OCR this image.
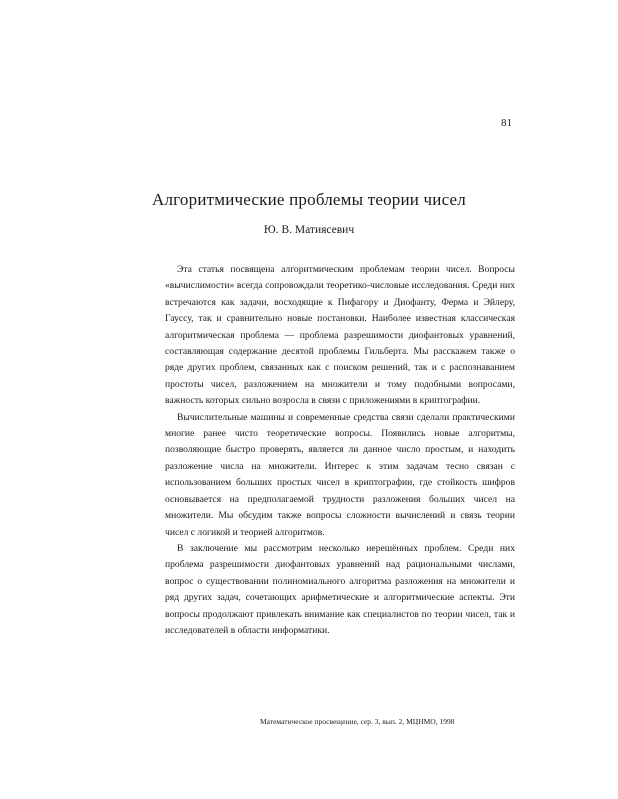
81
Алгоритмические проблемы теории чисел
Ю. В. Матиясевич

Эта статья посвящена алгоритмическим проблемам теории чисел. Вопросы «вычислимости» всегда сопровождали теоретико-числовые исследования. Среди них встречаются как задачи, восходящие к Пифагору и Диофанту, Ферма и Эйлеру, Гауссу, так и сравнительно новые постановки. Наиболее известная классическая алгоритмическая проблема — проблема разрешимости диофантовых уравнений, составляющая содержание десятой проблемы Гильберта. Мы расскажем также о ряде других проблем, связанных как с поиском решений, так и с распознаванием простоты чисел, разложением на множители и тому подобными вопросами, важность которых сильно возросла в связи с приложениями в криптографии.

Вычислительные машины и современные средства связи сделали практическими многие ранее чисто теоретические вопросы. Появились новые алгоритмы, позволяющие быстро проверять, является ли данное число простым, и находить разложение числа на множители. Интерес к этим задачам тесно связан с использованием больших простых чисел в криптографии, где стойкость шифров основывается на предполагаемой трудности разложения больших чисел на множители. Мы обсудим также вопросы сложности вычислений и связь теории чисел с логикой и теорией алгоритмов.

В заключение мы рассмотрим несколько нерешённых проблем. Среди них проблема разрешимости диофантовых уравнений над рациональными числами, вопрос о существовании полиномиального алгоритма разложения на множители и ряд других задач, сочетающих арифметические и алгоритмические аспекты. Эти вопросы продолжают привлекать внимание как специалистов по теории чисел, так и исследователей в области информатики.

Математическое просвещение, сер. 3, вып. 2, МЦНМО, 1998
